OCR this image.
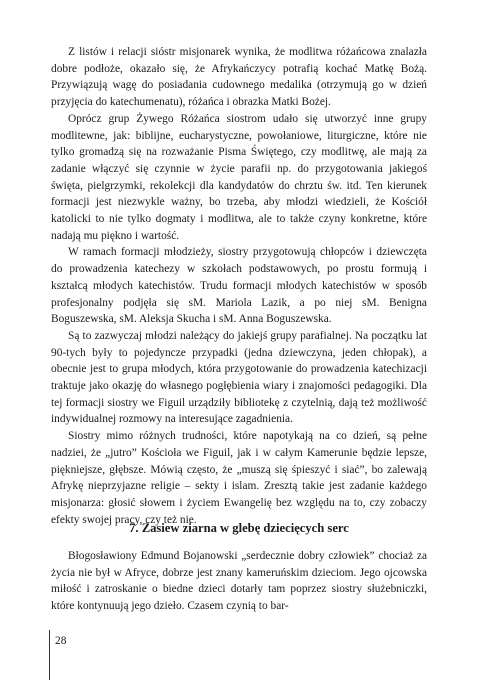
Z listów i relacji sióstr misjonarek wynika, że modlitwa różańcowa znalazła dobre podłoże, okazało się, że Afrykańczycy potrafią kochać Matkę Bożą. Przywiązują wagę do posiadania cudownego medalika (otrzymują go w dzień przyjęcia do katechumenatu), różańca i obrazka Matki Bożej.

Oprócz grup Żywego Różańca siostrom udało się utworzyć inne grupy modlitewne, jak: biblijne, eucharystyczne, powołaniowe, liturgiczne, które nie tylko gromadzą się na rozważanie Pisma Świętego, czy modlitwę, ale mają za zadanie włączyć się czynnie w życie parafii np. do przygotowania jakiegoś święta, pielgrzymki, rekolekcji dla kandydatów do chrztu św. itd. Ten kierunek formacji jest niezwykle ważny, bo trzeba, aby młodzi wiedzieli, że Kościół katolicki to nie tylko dogmaty i modlitwa, ale to także czyny konkretne, które nadają mu piękno i wartość.

W ramach formacji młodzieży, siostry przygotowują chłopców i dziewczęta do prowadzenia katechezy w szkołach podstawowych, po prostu formują i kształcą młodych katechistów. Trudu formacji młodych katechistów w sposób profesjonalny podjęła się sM. Mariola Lazik, a po niej sM. Benigna Boguszewska, sM. Aleksja Skucha i sM. Anna Boguszewska.

Są to zazwyczaj młodzi należący do jakiejś grupy parafialnej. Na początku lat 90-tych były to pojedyncze przypadki (jedna dziewczyna, jeden chłopak), a obecnie jest to grupa młodych, która przygotowanie do prowadzenia katechizacji traktuje jako okazję do własnego pogłębienia wiary i znajomości pedagogiki. Dla tej formacji siostry we Figuil urządziły bibliotekę z czytelnią, dają też możliwość indywidualnej rozmowy na interesujące zagadnienia.

Siostry mimo różnych trudności, które napotykają na co dzień, są pełne nadziei, że „jutro” Kościoła we Figuil, jak i w całym Kamerunie będzie lepsze, piękniejsze, głębsze. Mówią często, że „muszą się śpieszyć i siać”, bo zalewają Afrykę nieprzyjazne religie – sekty i islam. Zresztą takie jest zadanie każdego misjonarza: głosić słowem i życiem Ewangelię bez względu na to, czy zobaczy efekty swojej pracy, czy też nie.

7. Zasiew ziarna w glebę dziecięcych serc

Błogosławiony Edmund Bojanowski „serdecznie dobry człowiek” chociaż za życia nie był w Afryce, dobrze jest znany kameruńskim dzieciom. Jego ojcowska miłość i zatroskanie o biedne dzieci dotarły tam poprzez siostry służebniczki, które kontynuują jego dzieło. Czasem czynią to bar-

28
